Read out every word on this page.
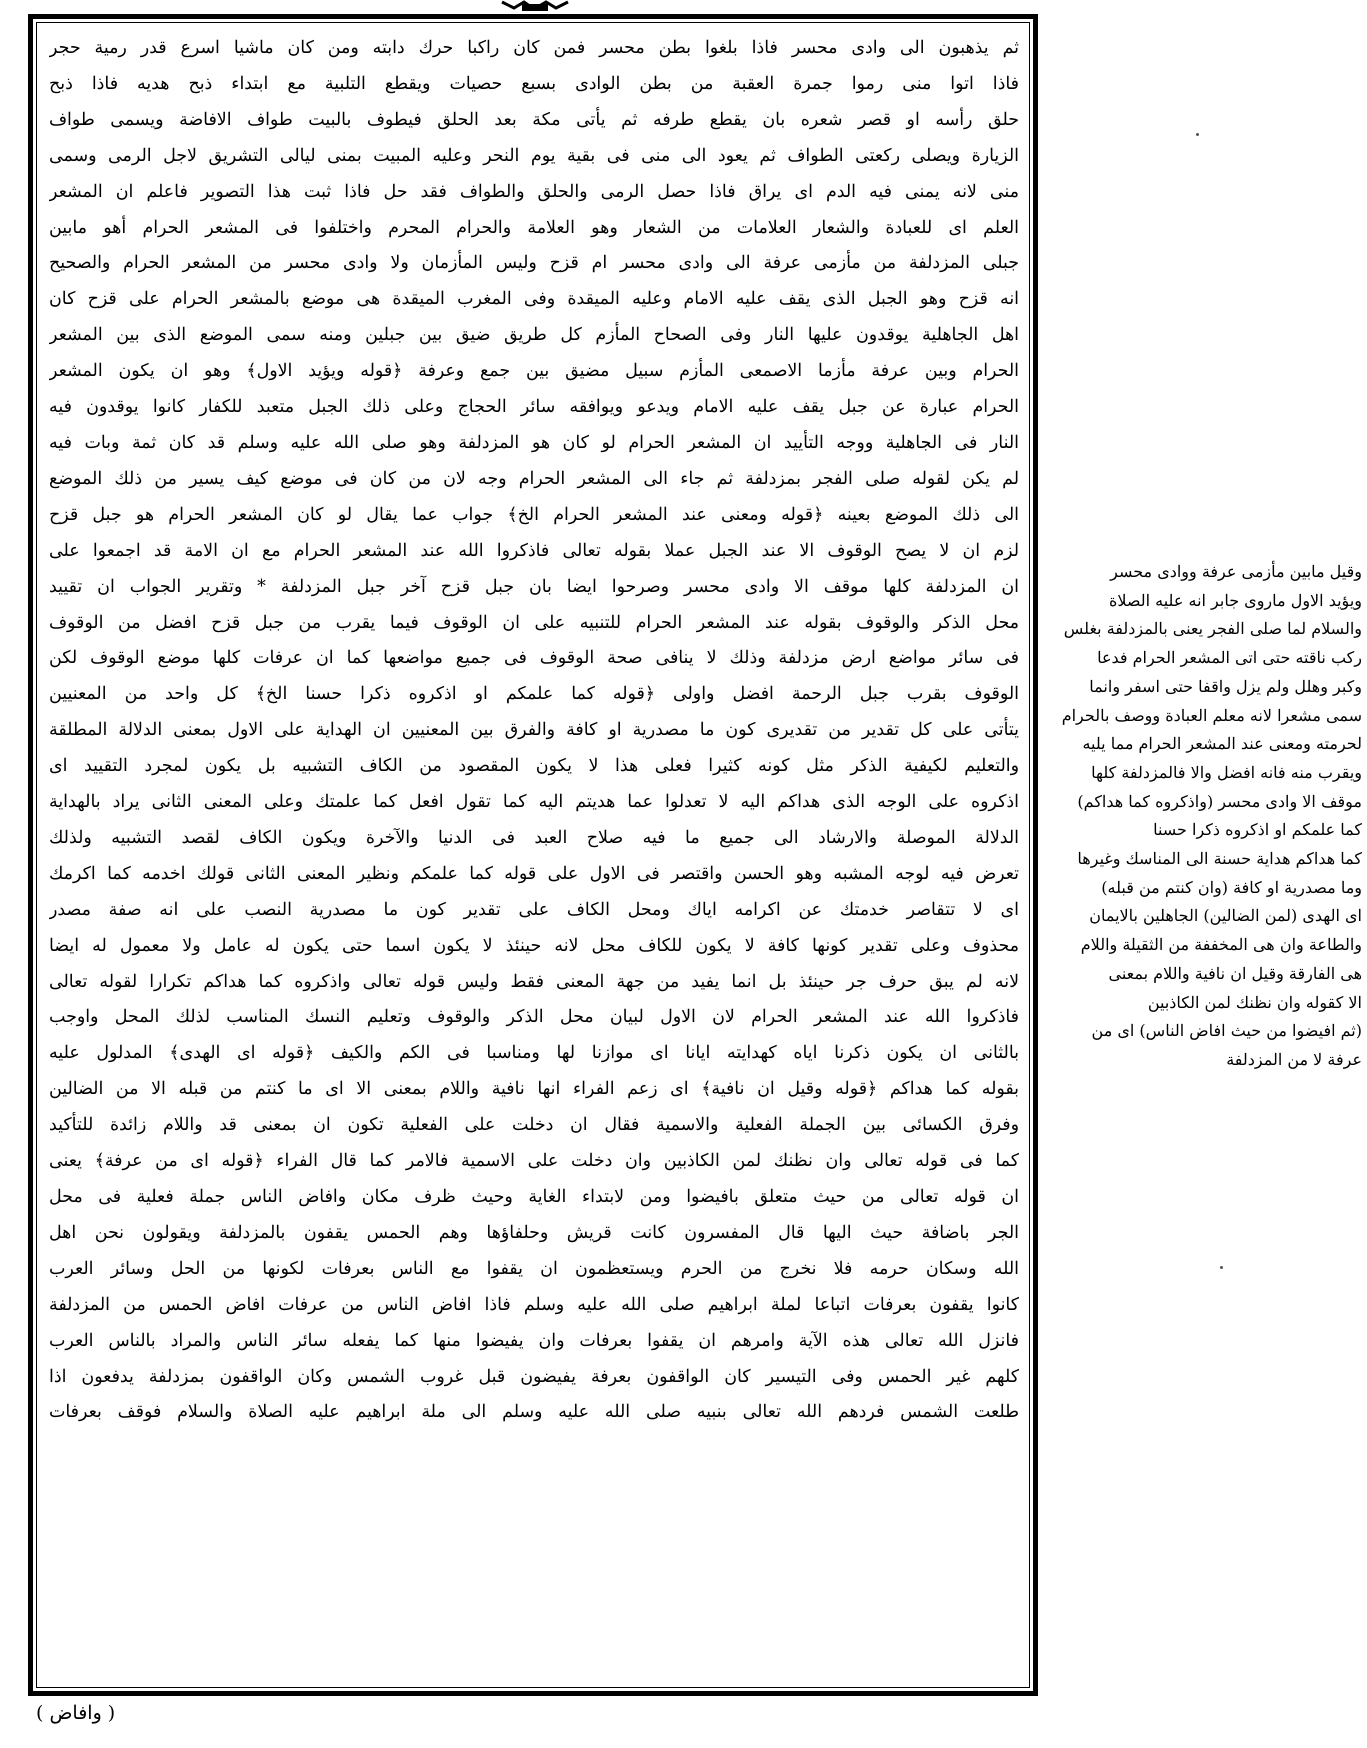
ثم يذهبون الى وادى محسر فاذا بلغوا بطن محسر فمن كان راكبا حرك دابته ومن كان ماشيا اسرع قدر رمية حجر

فاذا اتوا منى رموا جمرة العقبة من بطن الوادى بسبع حصيات ويقطع التلبية مع ابتداء ذبح هديه فاذا ذبح

حلق رأسه او قصر شعره بان يقطع طرفه ثم يأتى مكة بعد الحلق فيطوف بالبيت طواف الافاضة ويسمى طواف

الزيارة ويصلى ركعتى الطواف ثم يعود الى منى فى بقية يوم النحر وعليه المبيت بمنى ليالى التشريق لاجل الرمى وسمى

منى لانه يمنى فيه الدم اى يراق فاذا حصل الرمى والحلق والطواف فقد حل فاذا ثبت هذا التصوير فاعلم ان المشعر

العلم اى للعبادة والشعار العلامات من الشعار وهو العلامة والحرام المحرم واختلفوا فى المشعر الحرام أهو مابين

جبلى المزدلفة من مأزمى عرفة الى وادى محسر ام قزح وليس المأزمان ولا وادى محسر من المشعر الحرام والصحيح

انه قزح وهو الجبل الذى يقف عليه الامام وعليه الميقدة وفى المغرب الميقدة هى موضع بالمشعر الحرام على قزح كان

اهل الجاهلية يوقدون عليها النار وفى الصحاح المأزم كل طريق ضيق بين جبلين ومنه سمى الموضع الذى بين المشعر

الحرام وبين عرفة مأزما الاصمعى المأزم سبيل مضيق بين جمع وعرفة ﴿قوله ويؤيد الاول﴾ وهو ان يكون المشعر

الحرام عبارة عن جبل يقف عليه الامام ويدعو ويوافقه سائر الحجاج وعلى ذلك الجبل متعبد للكفار كانوا يوقدون فيه

النار فى الجاهلية ووجه التأييد ان المشعر الحرام لو كان هو المزدلفة وهو صلى الله عليه وسلم قد كان ثمة وبات فيه

لم يكن لقوله صلى الفجر بمزدلفة ثم جاء الى المشعر الحرام وجه لان من كان فى موضع كيف يسير من ذلك الموضع

الى ذلك الموضع بعينه ﴿قوله ومعنى عند المشعر الحرام الخ﴾ جواب عما يقال لو كان المشعر الحرام هو جبل قزح

لزم ان لا يصح الوقوف الا عند الجبل عملا بقوله تعالى فاذكروا الله عند المشعر الحرام مع ان الامة قد اجمعوا على

ان المزدلفة كلها موقف الا وادى محسر وصرحوا ايضا بان جبل قزح آخر جبل المزدلفة * وتقرير الجواب ان تقييد

محل الذكر والوقوف بقوله عند المشعر الحرام للتنبيه على ان الوقوف فيما يقرب من جبل قزح افضل من الوقوف

فى سائر مواضع ارض مزدلفة وذلك لا ينافى صحة الوقوف فى جميع مواضعها كما ان عرفات كلها موضع الوقوف لكن

الوقوف بقرب جبل الرحمة افضل واولى ﴿قوله كما علمكم او اذكروه ذكرا حسنا الخ﴾ كل واحد من المعنيين

يتأتى على كل تقدير من تقديرى كون ما مصدرية او كافة والفرق بين المعنيين ان الهداية على الاول بمعنى الدلالة المطلقة

والتعليم لكيفية الذكر مثل كونه كثيرا فعلى هذا لا يكون المقصود من الكاف التشبيه بل يكون لمجرد التقييد اى

اذكروه على الوجه الذى هداكم اليه لا تعدلوا عما هديتم اليه كما تقول افعل كما علمتك وعلى المعنى الثانى يراد بالهداية

الدلالة الموصلة والارشاد الى جميع ما فيه صلاح العبد فى الدنيا والآخرة ويكون الكاف لقصد التشبيه ولذلك

تعرض فيه لوجه المشبه وهو الحسن واقتصر فى الاول على قوله كما علمكم ونظير المعنى الثانى قولك اخدمه كما اكرمك

اى لا تتقاصر خدمتك عن اكرامه اياك ومحل الكاف على تقدير كون ما مصدرية النصب على انه صفة مصدر

محذوف وعلى تقدير كونها كافة لا يكون للكاف محل لانه حينئذ لا يكون اسما حتى يكون له عامل ولا معمول له ايضا

لانه لم يبق حرف جر حينئذ بل انما يفيد من جهة المعنى فقط وليس قوله تعالى واذكروه كما هداكم تكرارا لقوله تعالى

فاذكروا الله عند المشعر الحرام لان الاول لبيان محل الذكر والوقوف وتعليم النسك المناسب لذلك المحل واوجب

بالثانى ان يكون ذكرنا اياه كهدايته ايانا اى موازنا لها ومناسبا فى الكم والكيف ﴿قوله اى الهدى﴾ المدلول عليه

بقوله كما هداكم ﴿قوله وقيل ان نافية﴾ اى زعم الفراء انها نافية واللام بمعنى الا اى ما كنتم من قبله الا من الضالين

وفرق الكسائى بين الجملة الفعلية والاسمية فقال ان دخلت على الفعلية تكون ان بمعنى قد واللام زائدة للتأكيد

كما فى قوله تعالى وان نظنك لمن الكاذبين وان دخلت على الاسمية فالامر كما قال الفراء ﴿قوله اى من عرفة﴾ يعنى

ان قوله تعالى من حيث متعلق بافيضوا ومن لابتداء الغاية وحيث ظرف مكان وافاض الناس جملة فعلية فى محل

الجر باضافة حيث اليها قال المفسرون كانت قريش وحلفاؤها وهم الحمس يقفون بالمزدلفة ويقولون نحن اهل

الله وسكان حرمه فلا نخرج من الحرم ويستعظمون ان يقفوا مع الناس بعرفات لكونها من الحل وسائر العرب

كانوا يقفون بعرفات اتباعا لملة ابراهيم صلى الله عليه وسلم فاذا افاض الناس من عرفات افاض الحمس من المزدلفة

فانزل الله تعالى هذه الآية وامرهم ان يقفوا بعرفات وان يفيضوا منها كما يفعله سائر الناس والمراد بالناس العرب

كلهم غير الحمس وفى التيسير كان الواقفون بعرفة يفيضون قبل غروب الشمس وكان الواقفون بمزدلفة يدفعون اذا

طلعت الشمس فردهم الله تعالى بنبيه صلى الله عليه وسلم الى ملة ابراهيم عليه الصلاة والسلام فوقف بعرفات

وقيل مابين مأزمى عرفة ووادى محسر

ويؤيد الاول ماروى جابر انه عليه الصلاة

والسلام لما صلى الفجر يعنى بالمزدلفة بغلس

ركب ناقته حتى اتى المشعر الحرام فدعا

وكبر وهلل ولم يزل واقفا حتى اسفر وانما

سمى مشعرا لانه معلم العبادة ووصف بالحرام

لحرمته ومعنى عند المشعر الحرام مما يليه

ويقرب منه فانه افضل والا فالمزدلفة كلها

موقف الا وادى محسر (واذكروه كما هداكم)

كما علمكم او اذكروه ذكرا حسنا

كما هداكم هداية حسنة الى المناسك وغيرها

وما مصدرية او كافة (وان كنتم من قبله)

اى الهدى (لمن الضالين) الجاهلين بالايمان

والطاعة وان هى المخففة من الثقيلة واللام

هى الفارقة وقيل ان نافية واللام بمعنى

الا كقوله وان نظنك لمن الكاذبين

(ثم افيضوا من حيث افاض الناس) اى من

عرفة لا من المزدلفة

( وافاض )
